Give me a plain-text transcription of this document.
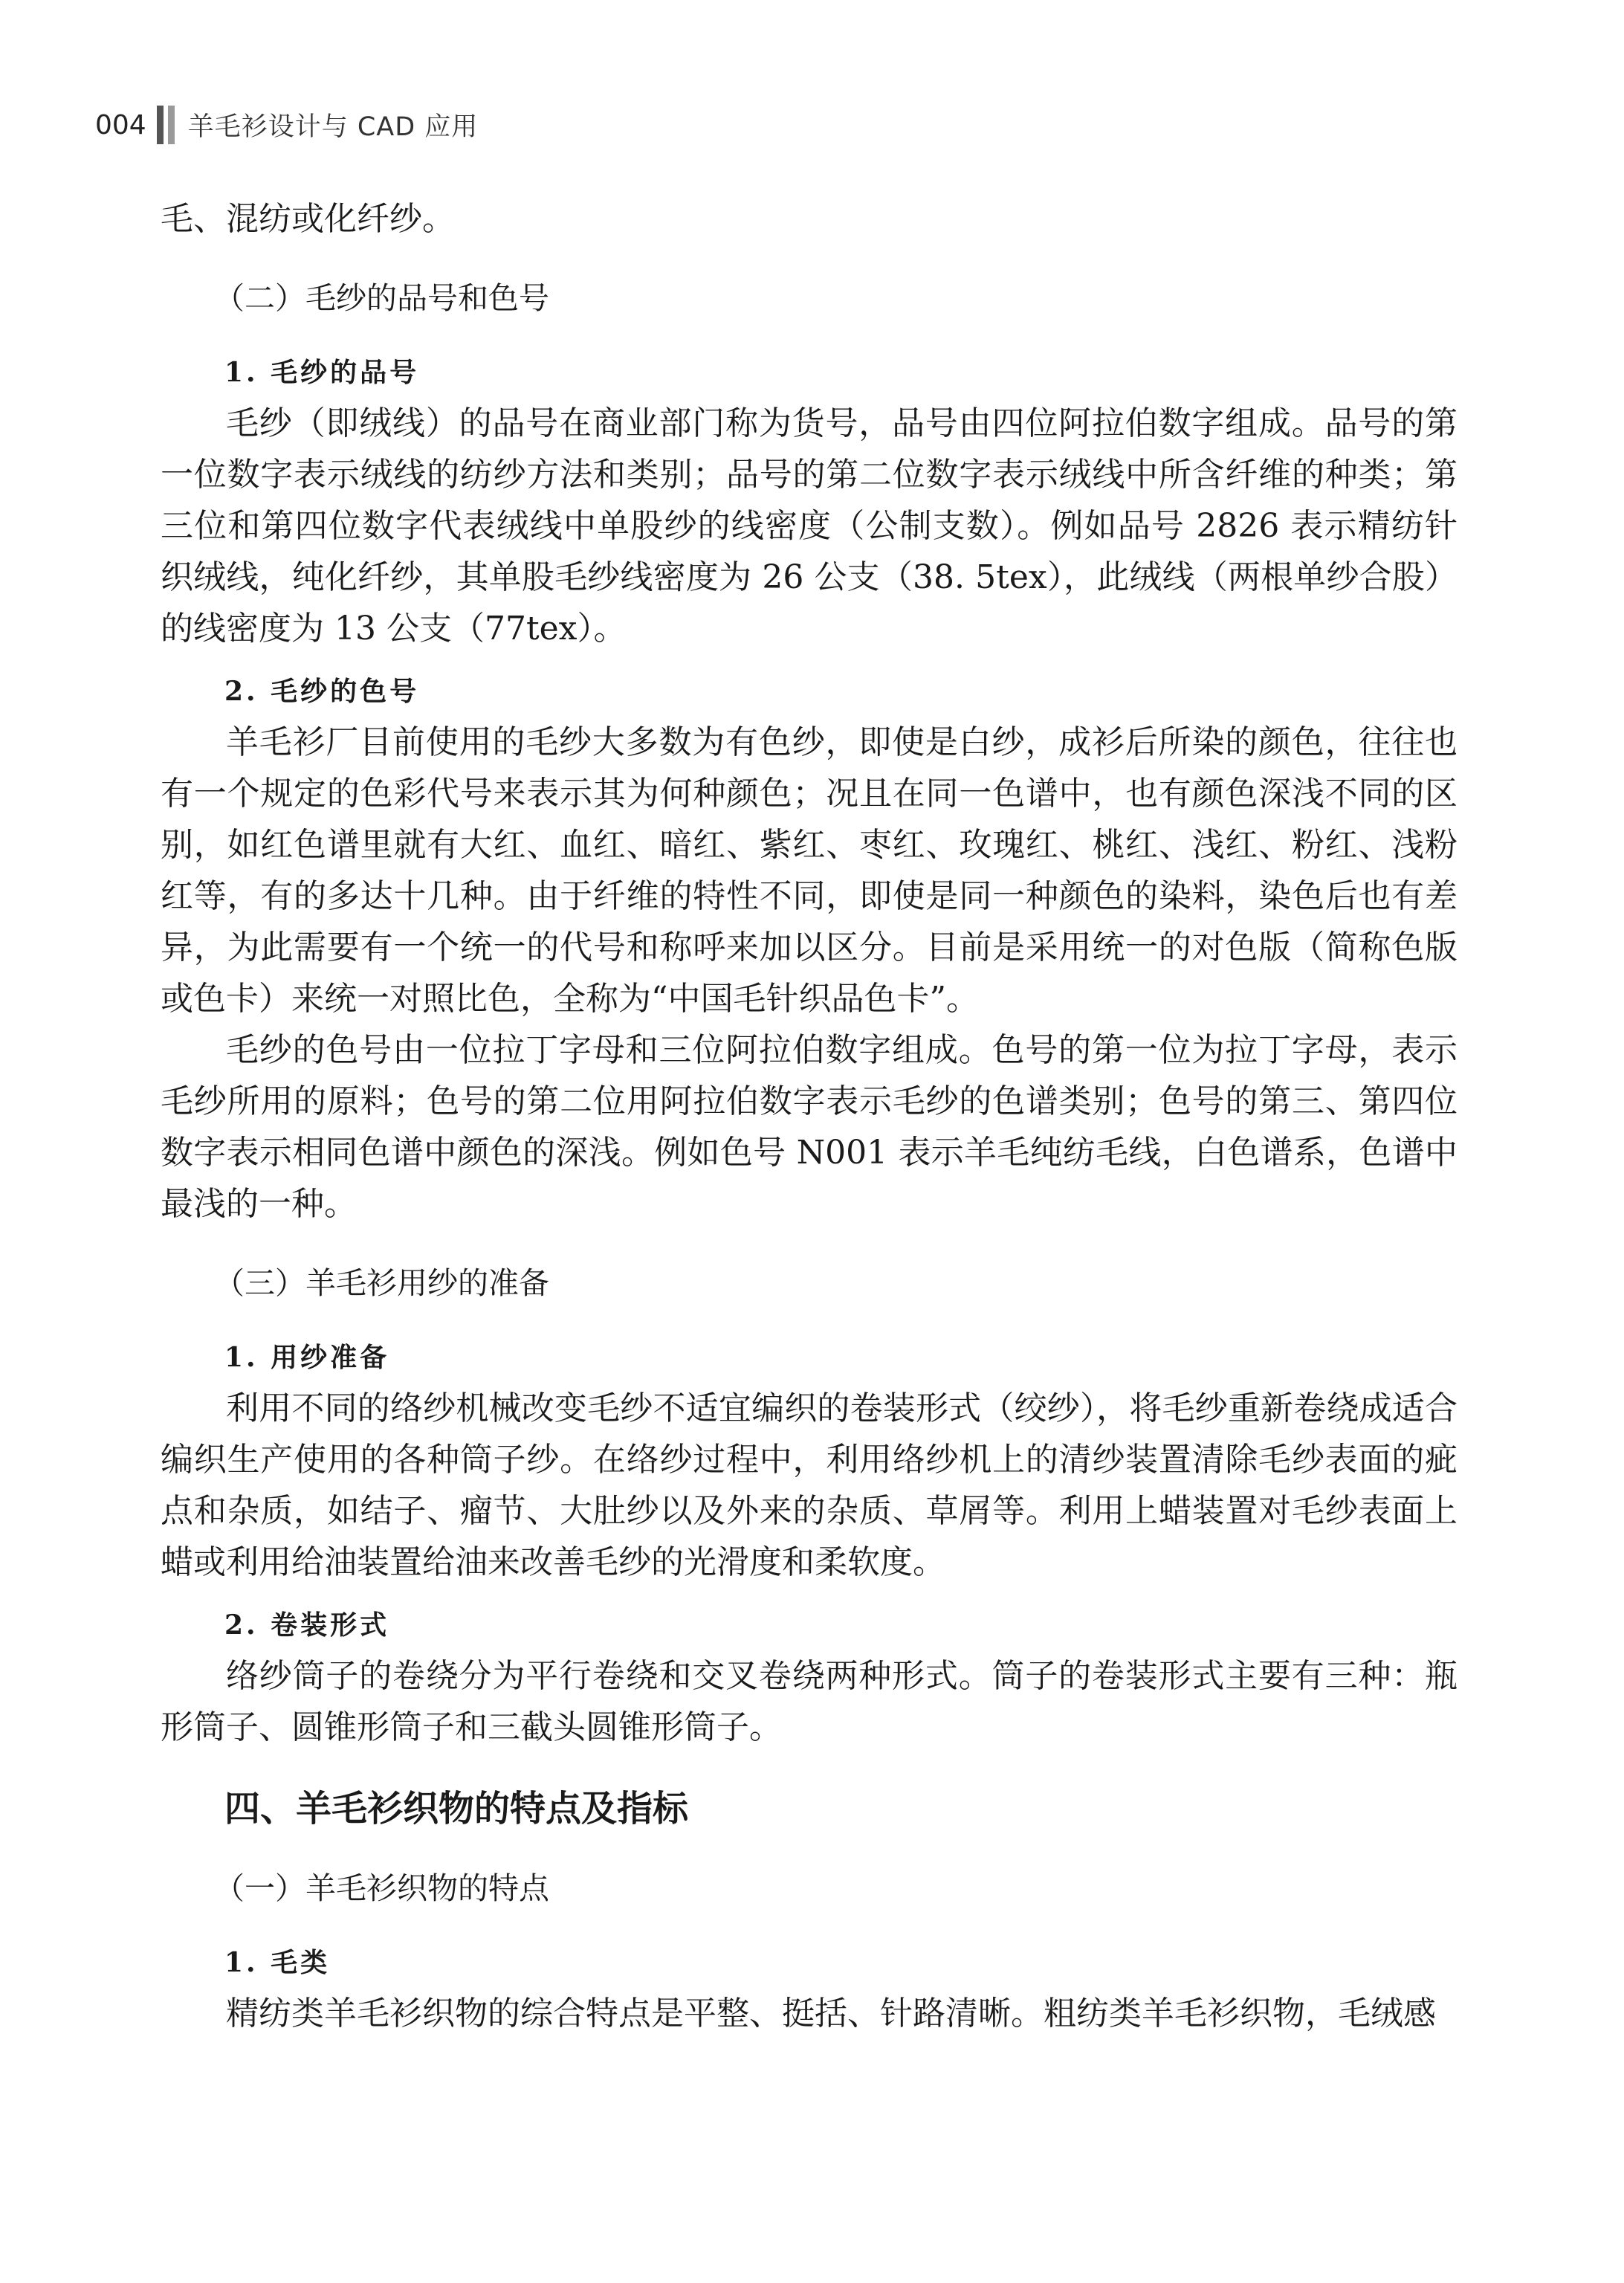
004 羊毛衫设计与 CAD 应用

毛、混纺或化纤纱。

（二）毛纱的品号和色号
1. 毛纱的品号

毛纱（即绒线）的品号在商业部门称为货号，品号由四位阿拉伯数字组成。品号的第一位数字表示绒线的纺纱方法和类别；品号的第二位数字表示绒线中所含纤维的种类；第三位和第四位数字代表绒线中单股纱的线密度（公制支数）。例如品号 2826 表示精纺针织绒线，纯化纤纱，其单股毛纱线密度为 26 公支（38. 5tex），此绒线（两根单纱合股）的线密度为 13 公支（77tex）。

2. 毛纱的色号

羊毛衫厂目前使用的毛纱大多数为有色纱，即使是白纱，成衫后所染的颜色，往往也有一个规定的色彩代号来表示其为何种颜色；况且在同一色谱中，也有颜色深浅不同的区别，如红色谱里就有大红、血红、暗红、紫红、枣红、玫瑰红、桃红、浅红、粉红、浅粉红等，有的多达十几种。由于纤维的特性不同，即使是同一种颜色的染料，染色后也有差异，为此需要有一个统一的代号和称呼来加以区分。目前是采用统一的对色版（简称色版或色卡）来统一对照比色，全称为“中国毛针织品色卡”。

毛纱的色号由一位拉丁字母和三位阿拉伯数字组成。色号的第一位为拉丁字母，表示毛纱所用的原料；色号的第二位用阿拉伯数字表示毛纱的色谱类别；色号的第三、第四位数字表示相同色谱中颜色的深浅。例如色号 N001 表示羊毛纯纺毛线，白色谱系，色谱中最浅的一种。

（三）羊毛衫用纱的准备
1. 用纱准备

利用不同的络纱机械改变毛纱不适宜编织的卷装形式（绞纱），将毛纱重新卷绕成适合编织生产使用的各种筒子纱。在络纱过程中，利用络纱机上的清纱装置清除毛纱表面的疵点和杂质，如结子、瘤节、大肚纱以及外来的杂质、草屑等。利用上蜡装置对毛纱表面上蜡或利用给油装置给油来改善毛纱的光滑度和柔软度。

2. 卷装形式

络纱筒子的卷绕分为平行卷绕和交叉卷绕两种形式。筒子的卷装形式主要有三种：瓶形筒子、圆锥形筒子和三截头圆锥形筒子。

四、羊毛衫织物的特点及指标
（一）羊毛衫织物的特点
1. 毛类

精纺类羊毛衫织物的综合特点是平整、挺括、针路清晰。粗纺类羊毛衫织物，毛绒感
